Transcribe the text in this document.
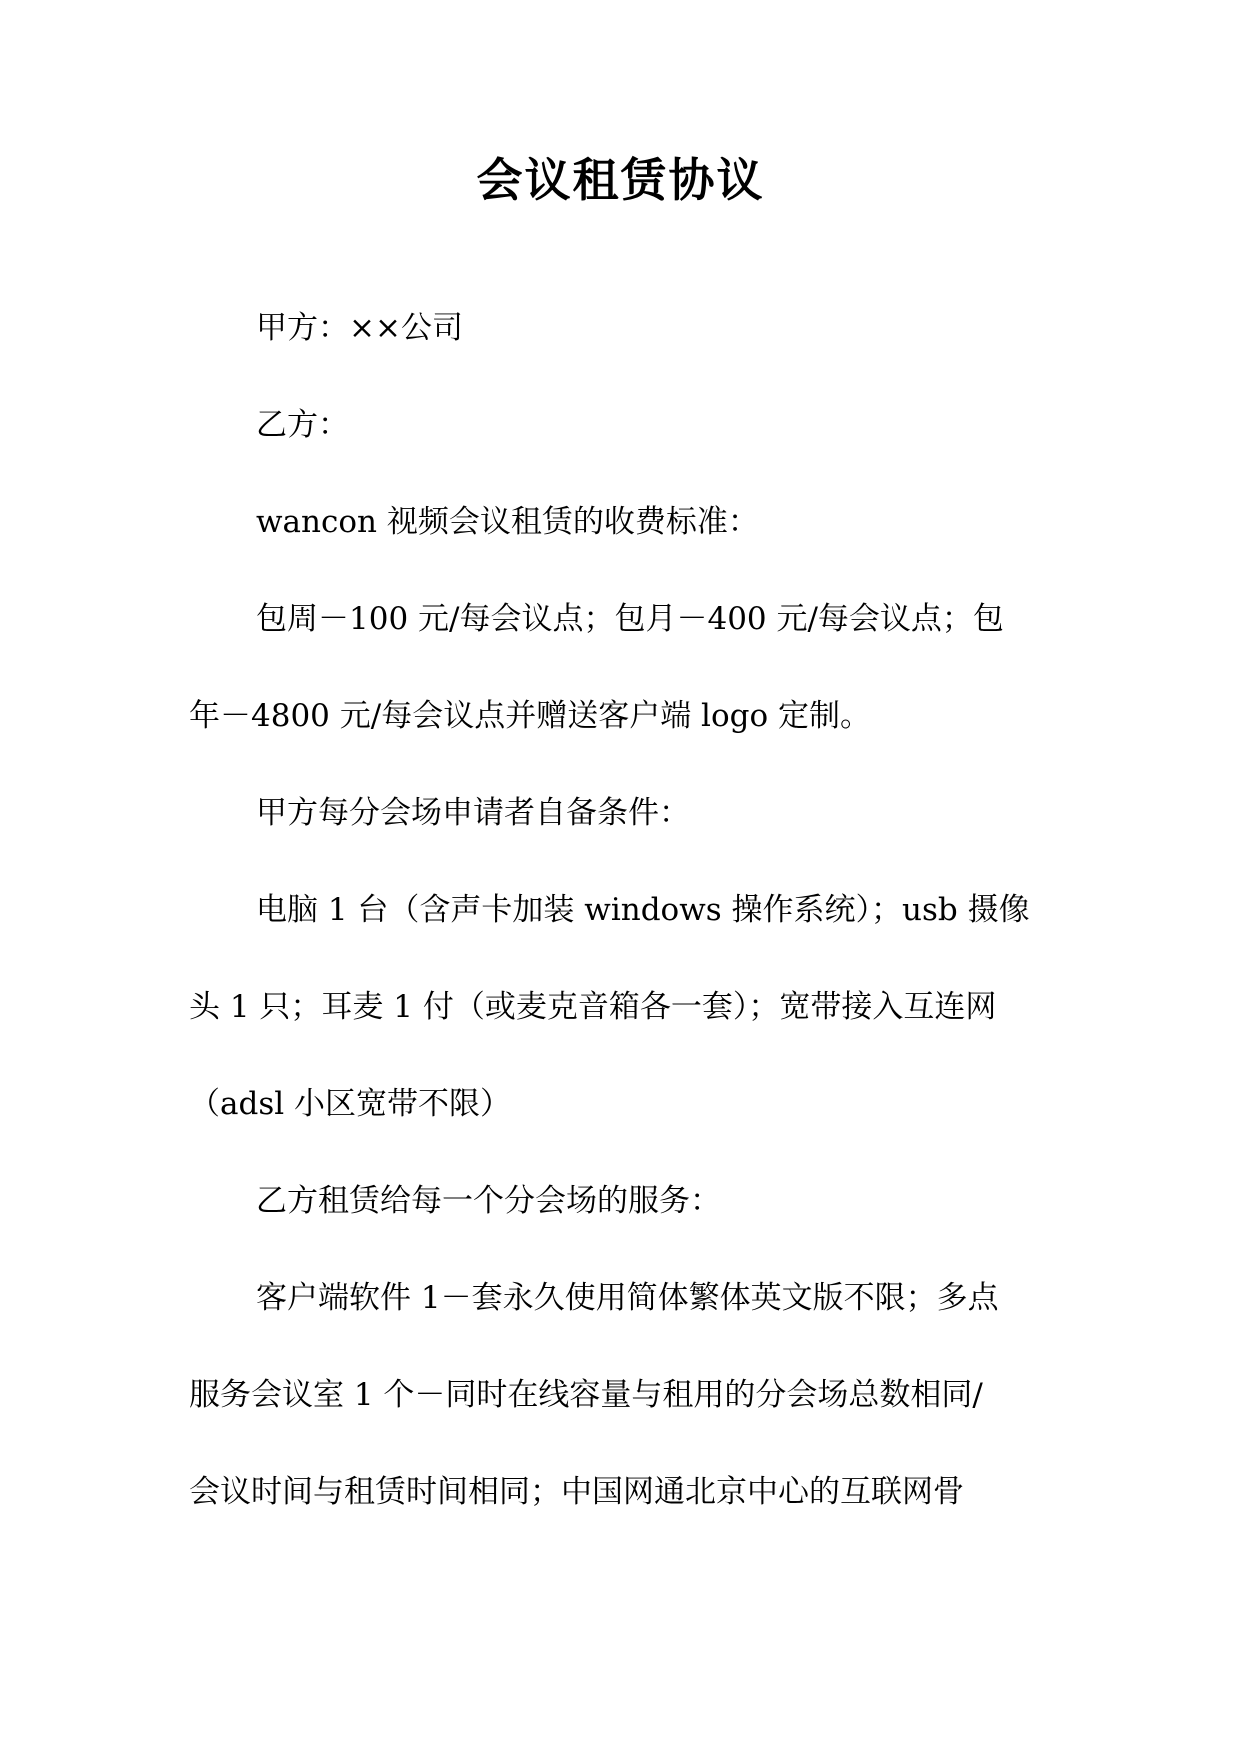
会议租赁协议
甲方：××公司
乙方：
wancon 视频会议租赁的收费标准：
包周－100 元/每会议点；包月－400 元/每会议点；包
年－4800 元/每会议点并赠送客户端 logo 定制。
甲方每分会场申请者自备条件：
电脑 1 台（含声卡加装 windows 操作系统）；usb 摄像
头 1 只；耳麦 1 付（或麦克音箱各一套）；宽带接入互连网
（adsl 小区宽带不限）
乙方租赁给每一个分会场的服务：
客户端软件 1－套永久使用简体繁体英文版不限；多点
服务会议室 1 个－同时在线容量与租用的分会场总数相同/
会议时间与租赁时间相同；中国网通北京中心的互联网骨
